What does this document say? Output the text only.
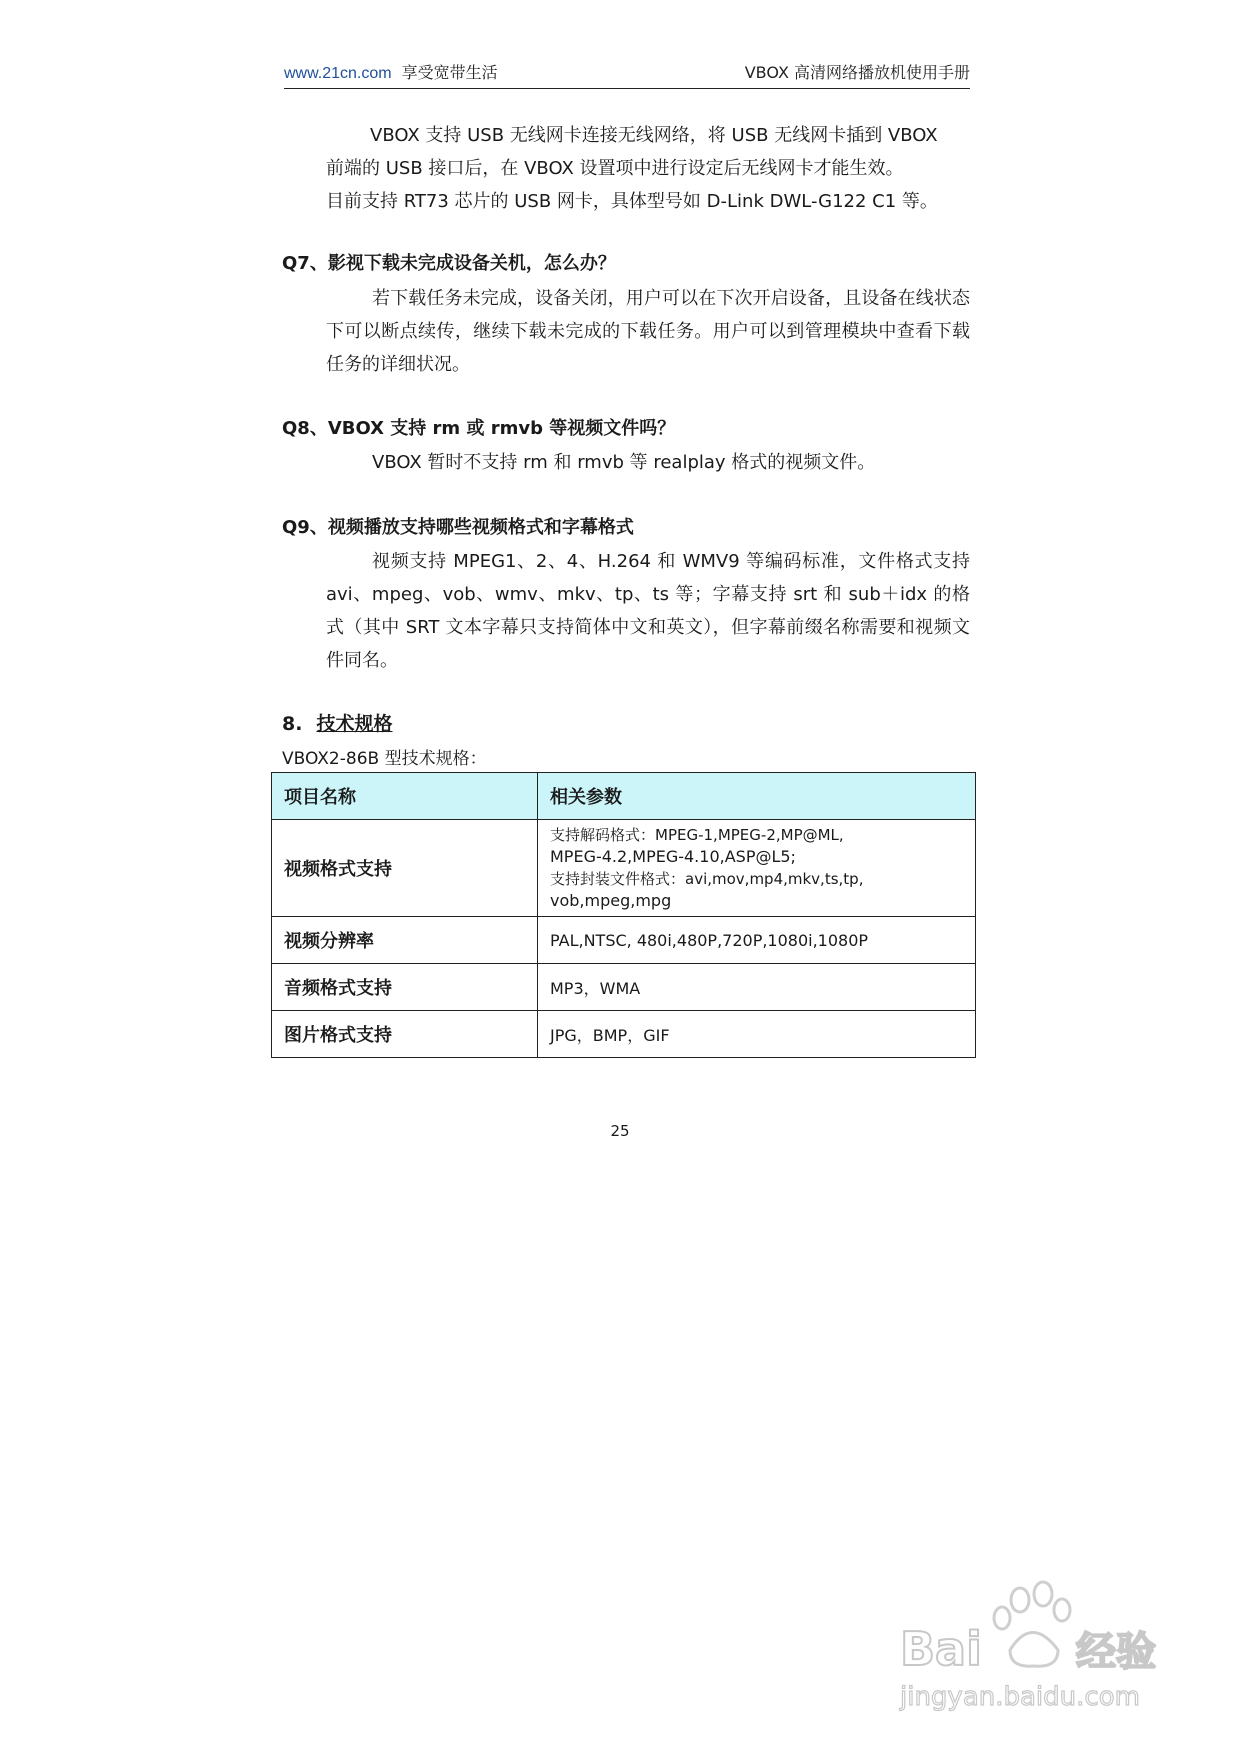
www.21cn.com 享受宽带生活	VBOX 高清网络播放机使用手册
VBOX 支持 USB 无线网卡连接无线网络，将 USB 无线网卡插到 VBOX
前端的 USB 接口后，在 VBOX 设置项中进行设定后无线网卡才能生效。
目前支持 RT73 芯片的 USB 网卡，具体型号如 D-Link DWL-G122 C1 等。

Q7、影视下载未完成设备关机，怎么办？

若下载任务未完成，设备关闭，用户可以在下次开启设备，且设备在线状态下可以断点续传，继续下载未完成的下载任务。用户可以到管理模块中查看下载任务的详细状况。

Q8、VBOX 支持 rm 或 rmvb 等视频文件吗？

VBOX 暂时不支持 rm 和 rmvb 等 realplay 格式的视频文件。

Q9、视频播放支持哪些视频格式和字幕格式

视频支持 MPEG1、2、4、H.264 和 WMV9 等编码标准，文件格式支持 avi、mpeg、vob、wmv、mkv、tp、ts 等；字幕支持 srt 和 sub＋idx 的格式（其中 SRT 文本字幕只支持简体中文和英文），但字幕前缀名称需要和视频文件同名。

8. 技术规格
VBOX2-86B 型技术规格：
项目名称	相关参数
视频格式支持	支持解码格式：MPEG-1,MPEG-2,MP@ML,
MPEG-4.2,MPEG-4.10,ASP@L5;
支持封装文件格式：avi,mov,mp4,mkv,ts,tp,
vob,mpeg,mpg

视频分辨率	PAL,NTSC, 480i,480P,720P,1080i,1080P
音频格式支持	MP3，WMA
图片格式支持	JPG，BMP，GIF
25
Bai 经验
jingyan.baidu.com
